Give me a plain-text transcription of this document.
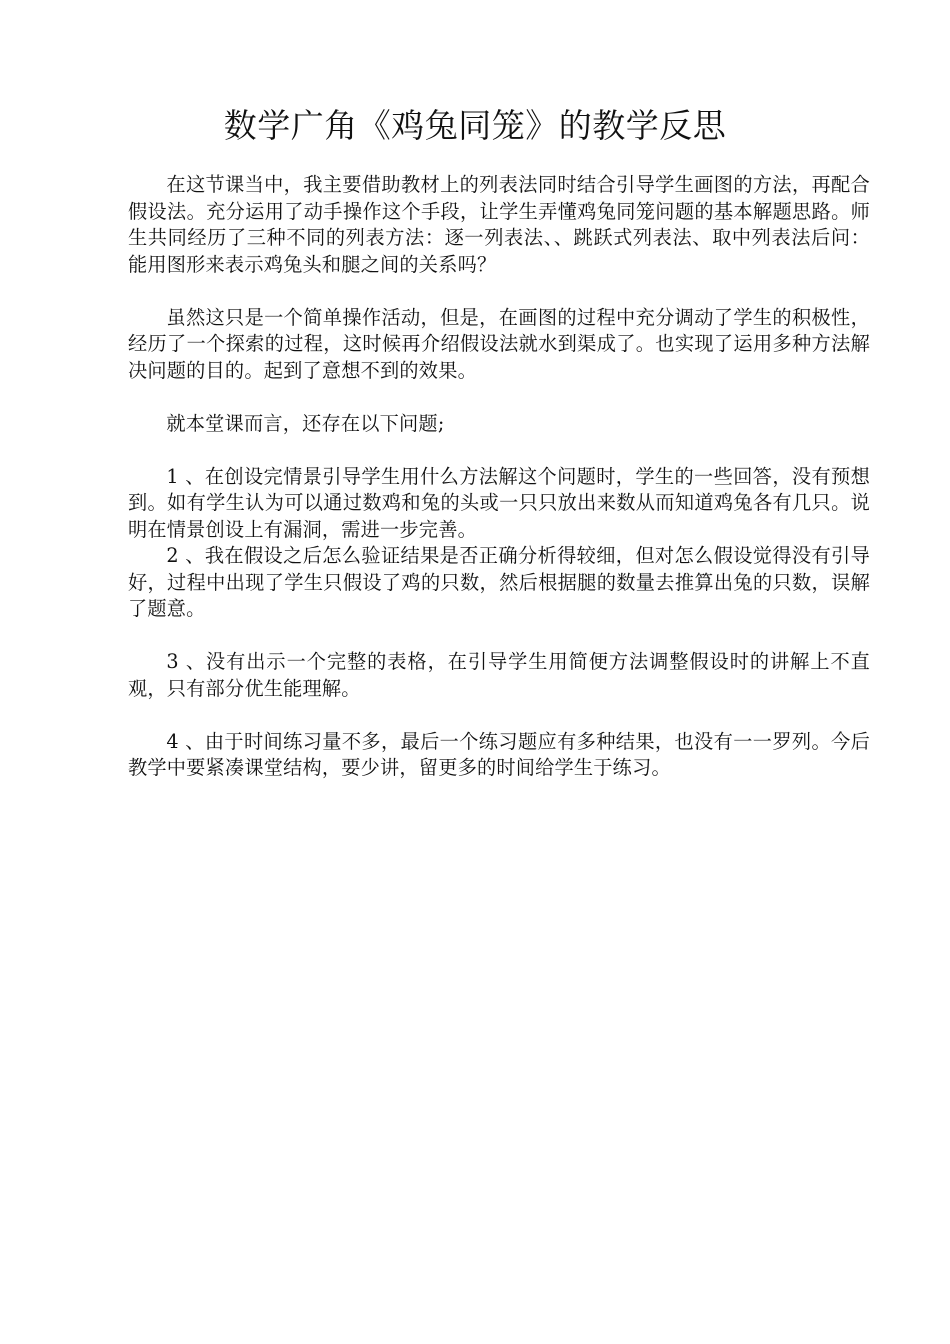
数学广角《鸡兔同笼》的教学反思

在这节课当中，我主要借助教材上的列表法同时结合引导学生画图的方法，再配合假设法。充分运用了动手操作这个手段，让学生弄懂鸡兔同笼问题的基本解题思路。师生共同经历了三种不同的列表方法：逐一列表法、、跳跃式列表法、取中列表法后问：能用图形来表示鸡兔头和腿之间的关系吗？

虽然这只是一个简单操作活动，但是，在画图的过程中充分调动了学生的积极性，经历了一个探索的过程，这时候再介绍假设法就水到渠成了。也实现了运用多种方法解决问题的目的。起到了意想不到的效果。

就本堂课而言，还存在以下问题;

1 、在创设完情景引导学生用什么方法解这个问题时，学生的一些回答，没有预想到。如有学生认为可以通过数鸡和兔的头或一只只放出来数从而知道鸡兔各有几只。说明在情景创设上有漏洞，需进一步完善。

2 、我在假设之后怎么验证结果是否正确分析得较细，但对怎么假设觉得没有引导好，过程中出现了学生只假设了鸡的只数，然后根据腿的数量去推算出兔的只数，误解了题意。

3 、没有出示一个完整的表格，在引导学生用简便方法调整假设时的讲解上不直观，只有部分优生能理解。

4 、由于时间练习量不多，最后一个练习题应有多种结果，也没有一一罗列。今后教学中要紧凑课堂结构，要少讲，留更多的时间给学生于练习。
